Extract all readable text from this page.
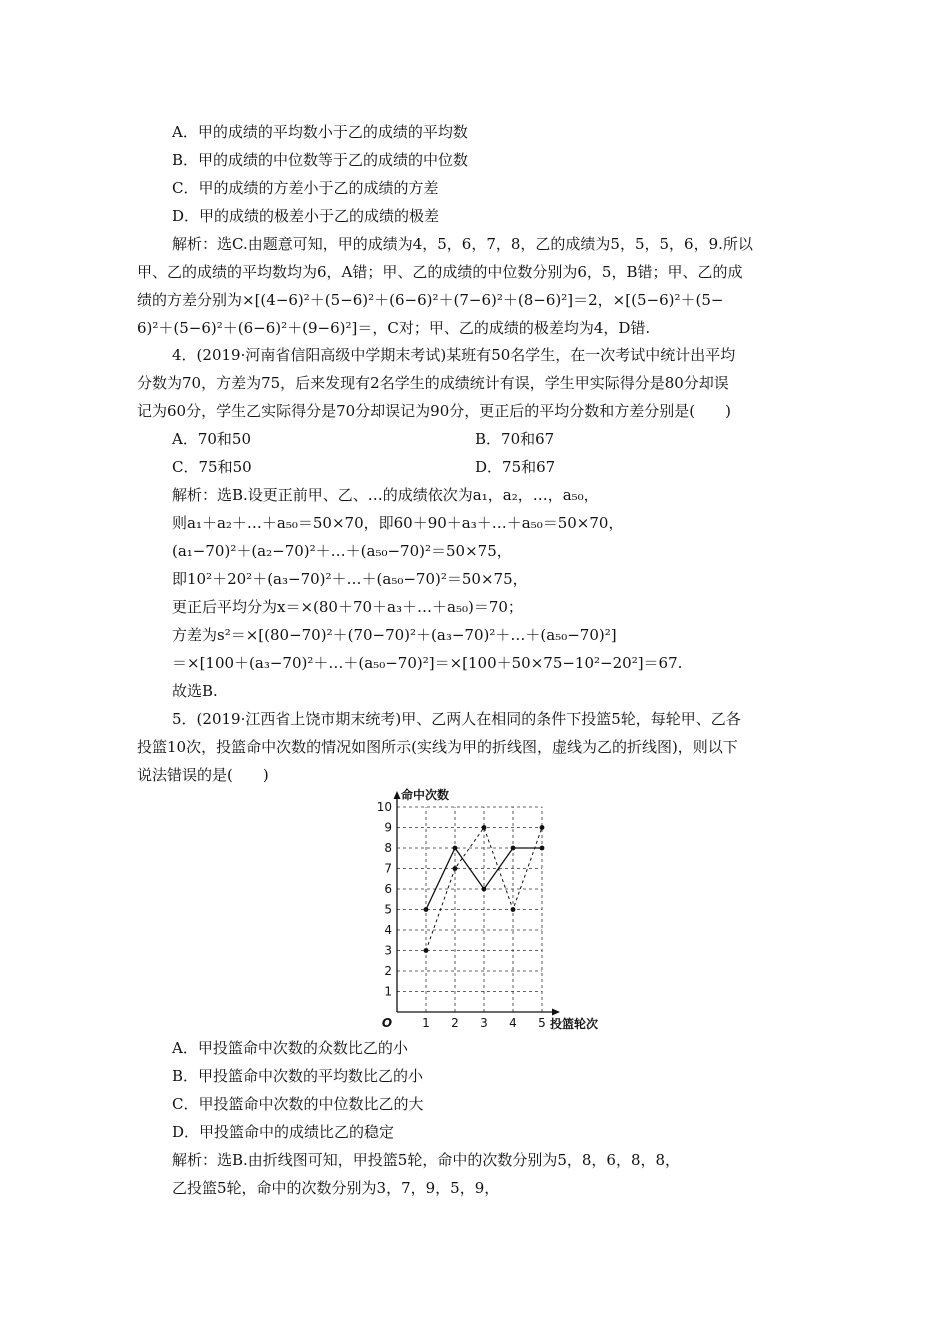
A．甲的成绩的平均数小于乙的成绩的平均数
B．甲的成绩的中位数等于乙的成绩的中位数
C．甲的成绩的方差小于乙的成绩的方差
D．甲的成绩的极差小于乙的成绩的极差
解析：选C.由题意可知，甲的成绩为4，5，6，7，8，乙的成绩为5，5，5，6，9.所以
甲、乙的成绩的平均数均为6，A错；甲、乙的成绩的中位数分别为6，5，B错；甲、乙的成
绩的方差分别为×[(4−6)²＋(5−6)²＋(6−6)²＋(7−6)²＋(8−6)²]＝2，×[(5−6)²＋(5−
6)²＋(5−6)²＋(6−6)²＋(9−6)²]＝，C对；甲、乙的成绩的极差均为4，D错.
4．(2019·河南省信阳高级中学期末考试)某班有50名学生，在一次考试中统计出平均
分数为70，方差为75，后来发现有2名学生的成绩统计有误，学生甲实际得分是80分却误
记为60分，学生乙实际得分是70分却误记为90分，更正后的平均分数和方差分别是(　　)
A．70和50	B．70和67
C．75和50	D．75和67
解析：选B.设更正前甲、乙、…的成绩依次为a₁，a₂，…，a₅₀，
则a₁＋a₂＋…＋a₅₀＝50×70，即60＋90＋a₃＋…＋a₅₀＝50×70，
(a₁−70)²＋(a₂−70)²＋…＋(a₅₀−70)²＝50×75，
即10²＋20²＋(a₃−70)²＋…＋(a₅₀−70)²＝50×75，
更正后平均分为x＝×(80＋70＋a₃＋…＋a₅₀)＝70；
方差为s²＝×[(80−70)²＋(70−70)²＋(a₃−70)²＋…＋(a₅₀−70)²]
＝×[100＋(a₃−70)²＋…＋(a₅₀−70)²]＝×[100＋50×75−10²−20²]＝67.
故选B.
5．(2019·江西省上饶市期末统考)甲、乙两人在相同的条件下投篮5轮，每轮甲、乙各
投篮10次，投篮命中次数的情况如图所示(实线为甲的折线图，虚线为乙的折线图)，则以下
说法错误的是(　　)
1
2
3
4
5
6
7
8
9
10
1 2 3 4 5
命中次数
投篮轮次
O
A．甲投篮命中次数的众数比乙的小
B．甲投篮命中次数的平均数比乙的小
C．甲投篮命中次数的中位数比乙的大
D．甲投篮命中的成绩比乙的稳定
解析：选B.由折线图可知，甲投篮5轮，命中的次数分别为5，8，6，8，8，
乙投篮5轮，命中的次数分别为3，7，9，5，9，
